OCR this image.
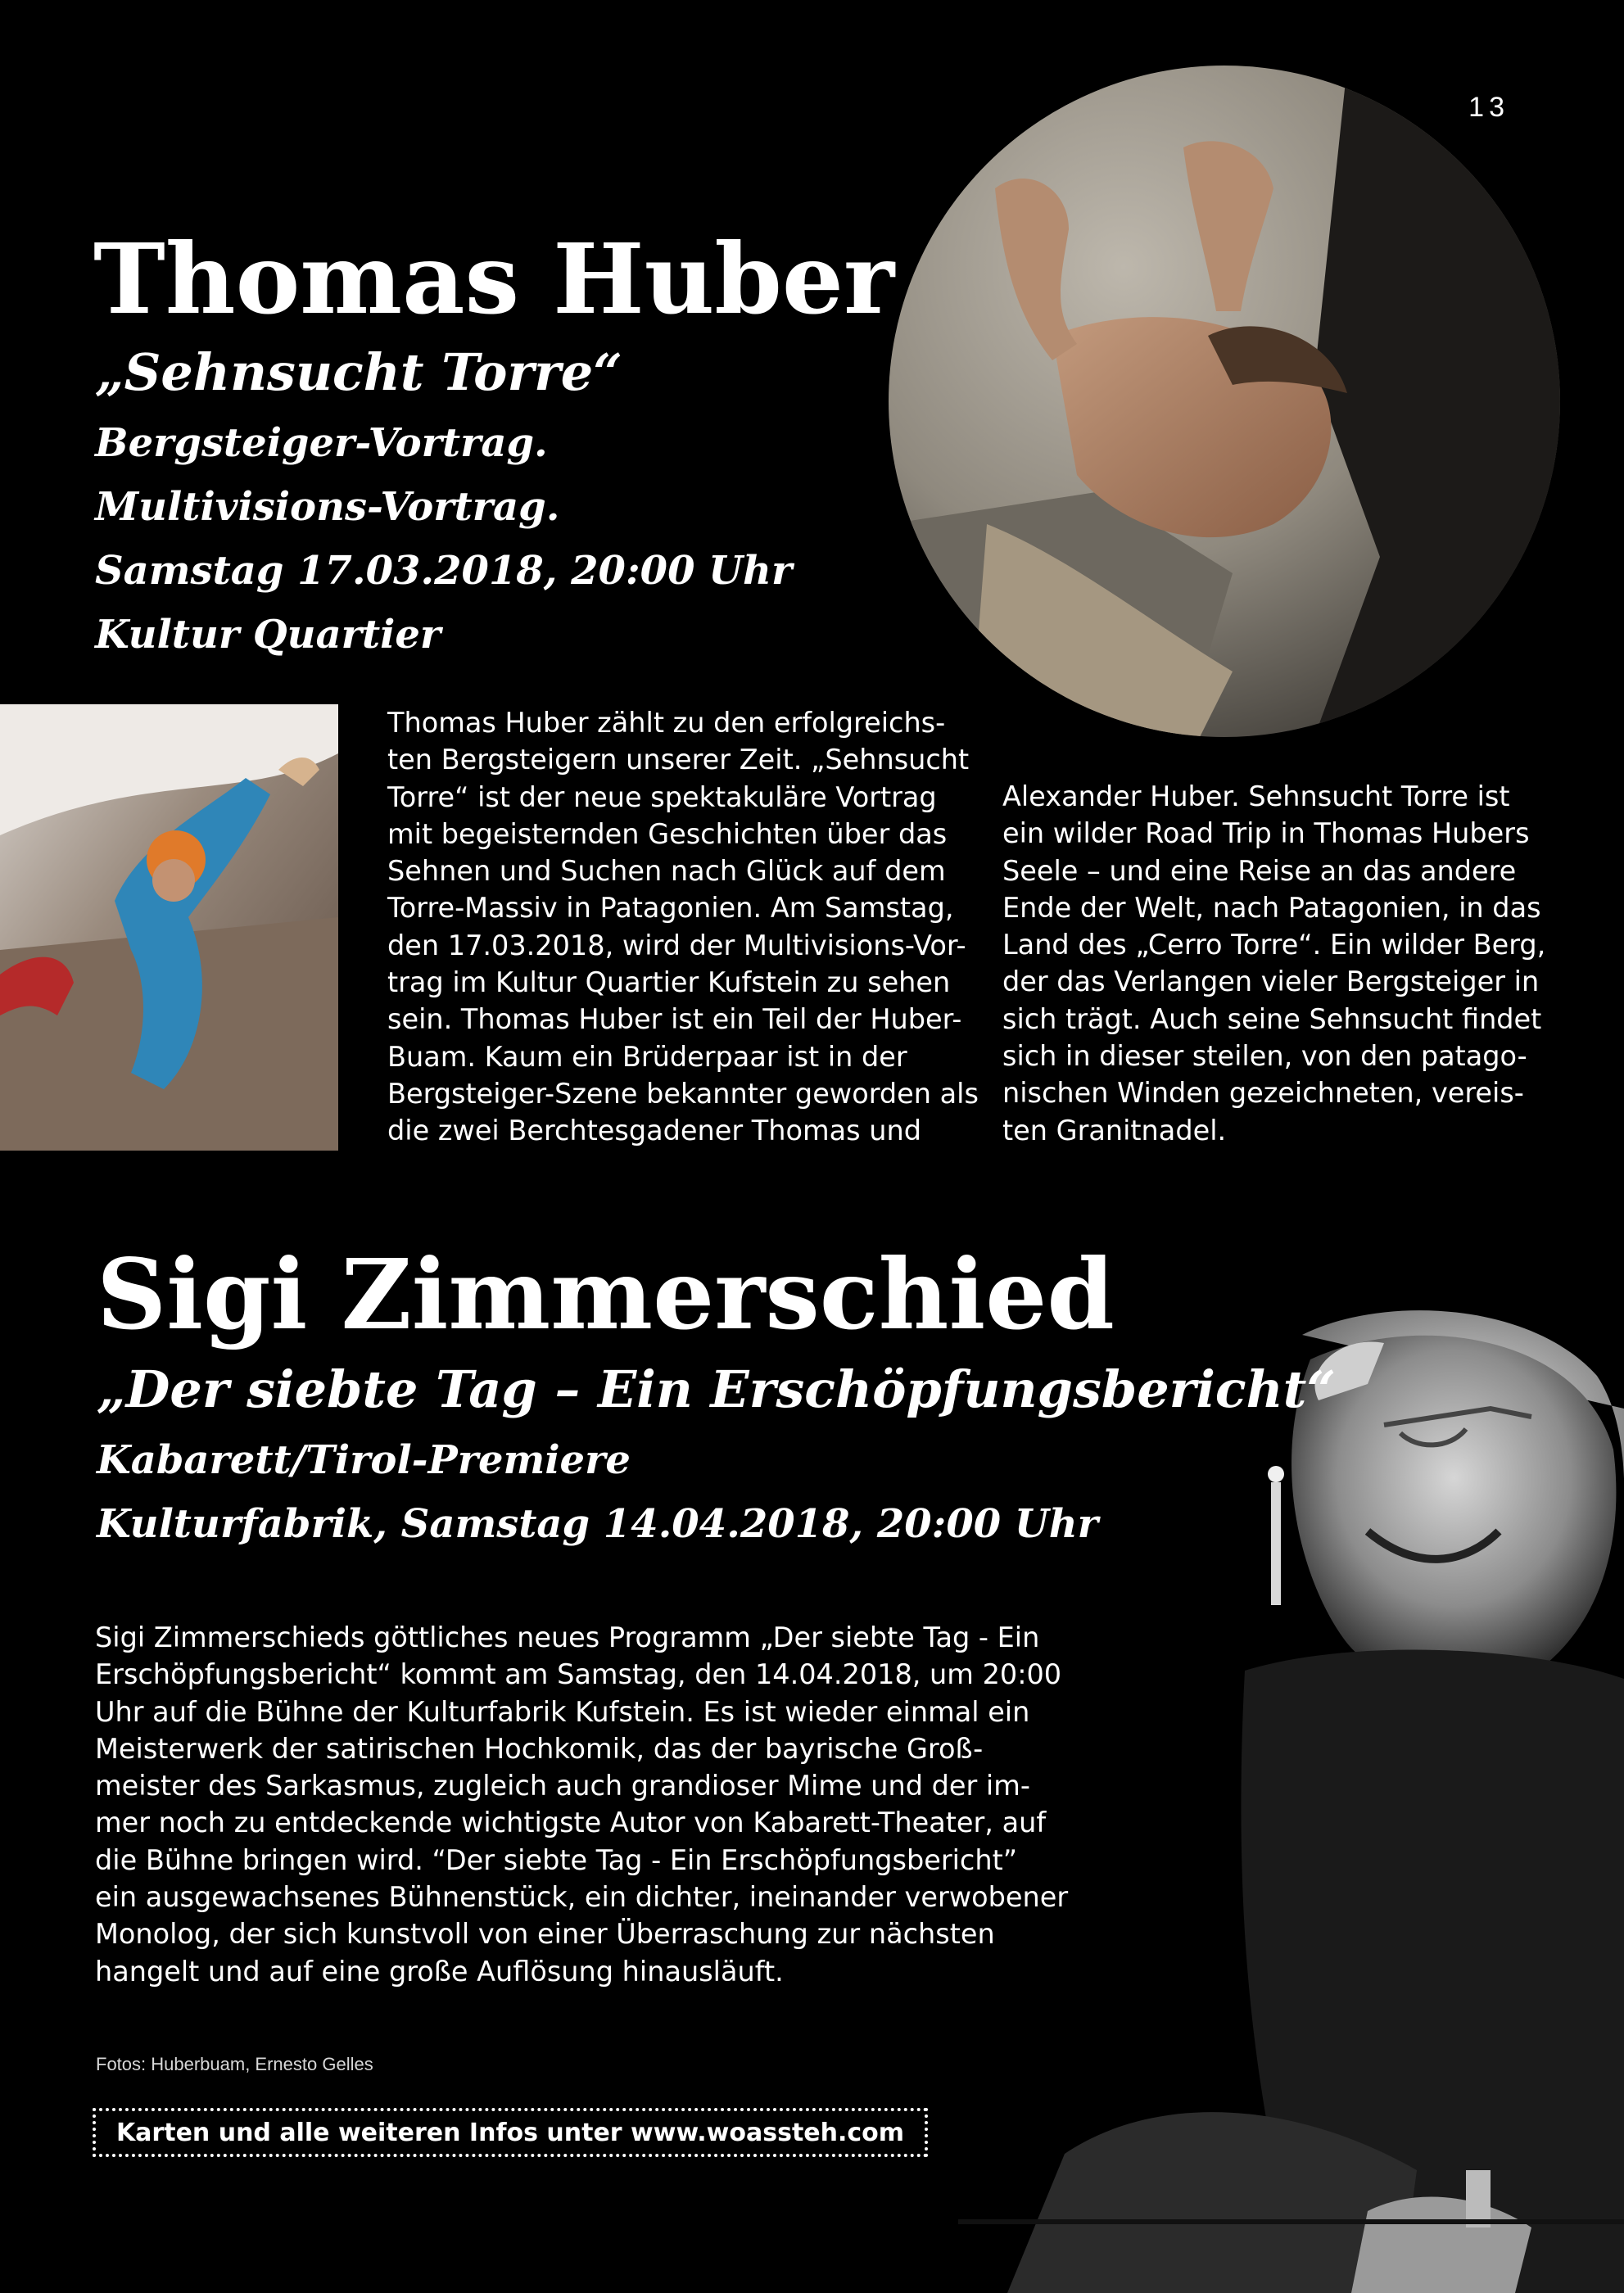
13
Thomas Huber
„Sehnsucht Torre“
Bergsteiger-Vortrag.
Multivisions-Vortrag.
Samstag 17.03.2018, 20:00 Uhr
Kultur Quartier
Thomas Huber zählt zu den erfolgreichs-
ten Bergsteigern unserer Zeit. „Sehnsucht
Torre“ ist der neue spektakuläre Vortrag
mit begeisternden Geschichten über das
Sehnen und Suchen nach Glück auf dem
Torre-Massiv in Patagonien. Am Samstag,
den 17.03.2018, wird der Multivisions-Vor-
trag im Kultur Quartier Kufstein zu sehen
sein. Thomas Huber ist ein Teil der Huber-
Buam. Kaum ein Brüderpaar ist in der
Bergsteiger-Szene bekannter geworden als
die zwei Berchtesgadener Thomas und
Alexander Huber. Sehnsucht Torre ist
ein wilder Road Trip in Thomas Hubers
Seele – und eine Reise an das andere
Ende der Welt, nach Patagonien, in das
Land des „Cerro Torre“. Ein wilder Berg,
der das Verlangen vieler Bergsteiger in
sich trägt. Auch seine Sehnsucht findet
sich in dieser steilen, von den patago-
nischen Winden gezeichneten, vereis-
ten Granitnadel.
Sigi Zimmerschied
„Der siebte Tag – Ein Erschöpfungsbericht“
Kabarett/Tirol-Premiere
Kulturfabrik, Samstag 14.04.2018, 20:00 Uhr
Sigi Zimmerschieds göttliches neues Programm „Der siebte Tag - Ein
Erschöpfungsbericht“ kommt am Samstag, den 14.04.2018, um 20:00
Uhr auf die Bühne der Kulturfabrik Kufstein. Es ist wieder einmal ein
Meisterwerk der satirischen Hochkomik, das der bayrische Groß-
meister des Sarkasmus, zugleich auch grandioser Mime und der im-
mer noch zu entdeckende wichtigste Autor von Kabarett-Theater, auf
die Bühne bringen wird. “Der siebte Tag - Ein Erschöpfungsbericht”
ein ausgewachsenes Bühnenstück, ein dichter, ineinander verwobener
Monolog, der sich kunstvoll von einer Überraschung zur nächsten
hangelt und auf eine große Auflösung hinausläuft.
Fotos: Huberbuam, Ernesto Gelles
Karten und alle weiteren Infos unter www.woassteh.com
